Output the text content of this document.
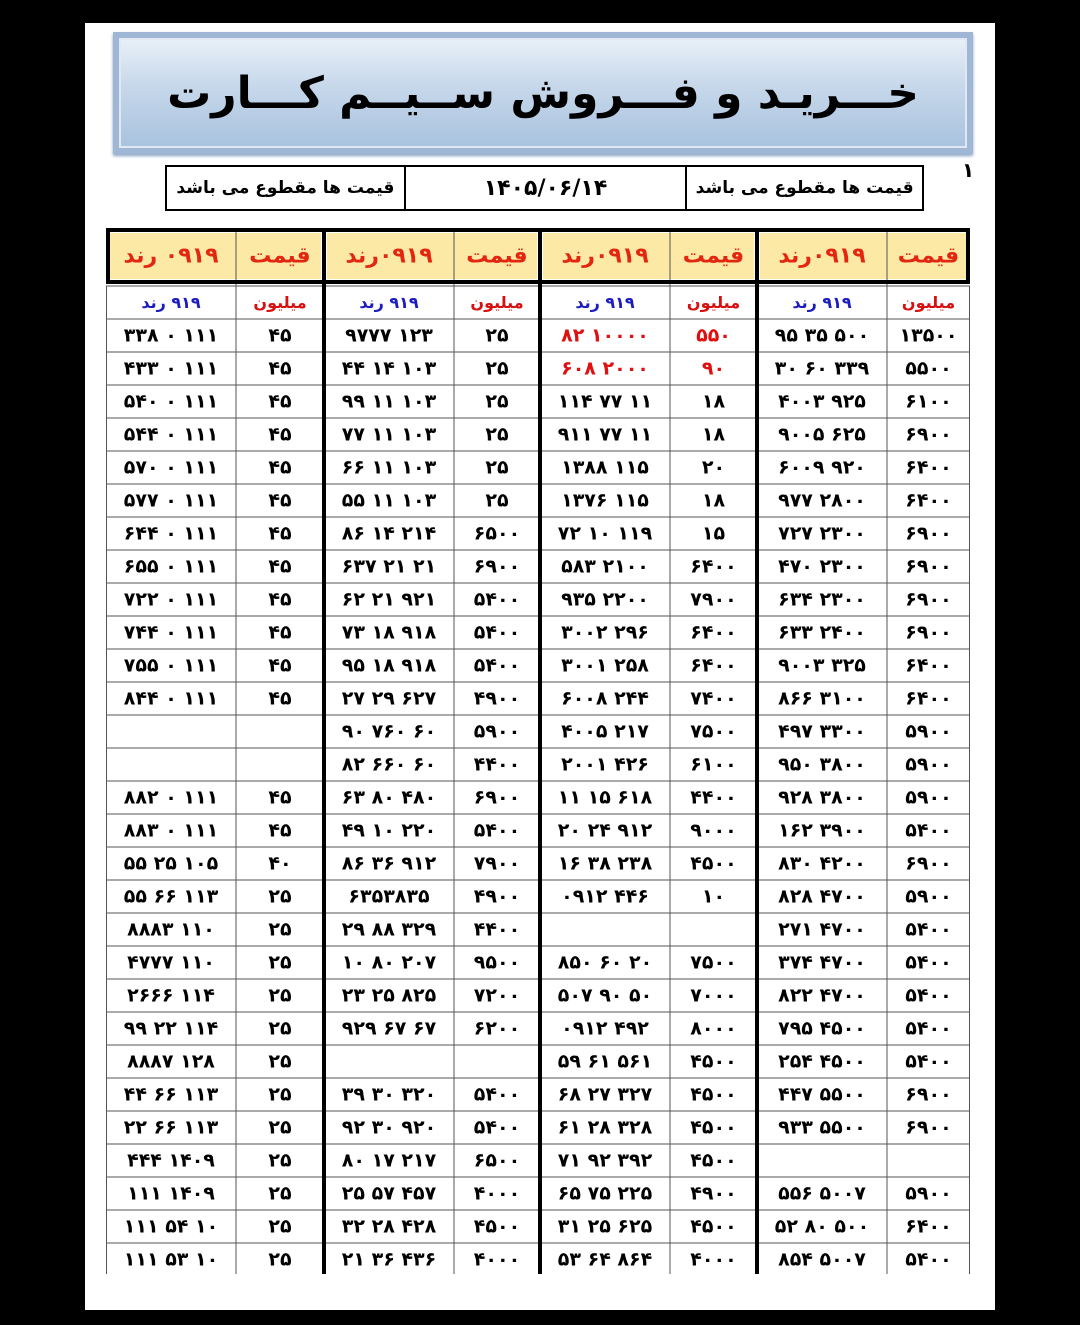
خـــریـد و فـــروش ســیــم کـــارت
۱
قیمت ها مقطوع می باشد
۱۴۰۵/۰۶/۱۴
قیمت ها مقطوع می باشد
قیمت
۰۹۱۹رند
قیمت
۰۹۱۹رند
قیمت
۰۹۱۹رند
قیمت
۰۹۱۹ رند
میلیون
۹۱۹ رند
میلیون
۹۱۹ رند
میلیون
۹۱۹ رند
میلیون
۹۱۹ رند
۱۳۵۰۰
۵۰۰ ۳۵ ۹۵
۵۵۰۰
۳۳۹ ۶۰ ۳۰
۶۱۰۰
۹۲۵ ۴۰۰۳
۶۹۰۰
۶۲۵ ۹۰۰۵
۶۴۰۰
۹۲۰ ۶۰۰۹
۶۴۰۰
۲۸۰۰ ۹۷۷
۶۹۰۰
۲۳۰۰ ۷۲۷
۶۹۰۰
۲۳۰۰ ۴۷۰
۶۹۰۰
۲۳۰۰ ۶۳۴
۶۹۰۰
۲۴۰۰ ۶۳۳
۶۴۰۰
۳۲۵ ۹۰۰۳
۶۴۰۰
۳۱۰۰ ۸۶۶
۵۹۰۰
۳۳۰۰ ۴۹۷
۵۹۰۰
۳۸۰۰ ۹۵۰
۵۹۰۰
۳۸۰۰ ۹۲۸
۵۴۰۰
۳۹۰۰ ۱۶۲
۶۹۰۰
۴۲۰۰ ۸۳۰
۵۹۰۰
۴۷۰۰ ۸۲۸
۵۴۰۰
۴۷۰۰ ۲۷۱
۵۴۰۰
۴۷۰۰ ۳۷۴
۵۴۰۰
۴۷۰۰ ۸۲۲
۵۴۰۰
۴۵۰۰ ۷۹۵
۵۴۰۰
۴۵۰۰ ۲۵۴
۶۹۰۰
۵۵۰۰ ۴۴۷
۶۹۰۰
۵۵۰۰ ۹۳۳
۵۹۰۰
۵۰۰۷ ۵۵۶
۶۴۰۰
۵۰۰ ۸۰ ۵۲
۵۴۰۰
۵۰۰۷ ۸۵۴
۵۵۰
۱۰۰۰۰ ۸۲
۹۰
۲۰۰۰ ۶۰۸
۱۸
۱۱ ۷۷ ۱۱۴
۱۸
۱۱ ۷۷ ۹۱۱
۲۰
۱۱۵ ۱۳۸۸
۱۸
۱۱۵ ۱۳۷۶
۱۵
۱۱۹ ۱۰ ۷۲
۶۴۰۰
۲۱۰۰ ۵۸۳
۷۹۰۰
۲۲۰۰ ۹۳۵
۶۴۰۰
۲۹۶ ۳۰۰۲
۶۴۰۰
۲۵۸ ۳۰۰۱
۷۴۰۰
۲۴۴ ۶۰۰۸
۷۵۰۰
۲۱۷ ۴۰۰۵
۶۱۰۰
۴۲۶ ۲۰۰۱
۴۴۰۰
۶۱۸ ۱۵ ۱۱
۹۰۰۰
۹۱۲ ۲۴ ۲۰
۴۵۰۰
۲۳۸ ۳۸ ۱۶
۱۰
۴۴۶ ۰۹۱۲
۷۵۰۰
۲۰ ۶۰ ۸۵۰
۷۰۰۰
۵۰ ۹۰ ۵۰۷
۸۰۰۰
۴۹۲ ۰۹۱۲
۴۵۰۰
۵۶۱ ۶۱ ۵۹
۴۵۰۰
۳۲۷ ۲۷ ۶۸
۴۵۰۰
۳۲۸ ۲۸ ۶۱
۴۵۰۰
۳۹۲ ۹۲ ۷۱
۴۹۰۰
۲۲۵ ۷۵ ۶۵
۴۵۰۰
۶۲۵ ۲۵ ۳۱
۴۰۰۰
۸۶۴ ۶۴ ۵۳
۲۵
۱۲۳ ۹۷۷۷
۲۵
۱۰۳ ۱۴ ۴۴
۲۵
۱۰۳ ۱۱ ۹۹
۲۵
۱۰۳ ۱۱ ۷۷
۲۵
۱۰۳ ۱۱ ۶۶
۲۵
۱۰۳ ۱۱ ۵۵
۶۵۰۰
۲۱۴ ۱۴ ۸۶
۶۹۰۰
۲۱ ۲۱ ۶۳۷
۵۴۰۰
۹۲۱ ۲۱ ۶۲
۵۴۰۰
۹۱۸ ۱۸ ۷۳
۵۴۰۰
۹۱۸ ۱۸ ۹۵
۴۹۰۰
۶۲۷ ۲۹ ۲۷
۵۹۰۰
۶۰ ۷۶۰ ۹۰
۴۴۰۰
۶۰ ۶۶۰ ۸۲
۶۹۰۰
۴۸۰ ۸۰ ۶۳
۵۴۰۰
۲۲۰ ۱۰ ۴۹
۷۹۰۰
۹۱۲ ۳۶ ۸۶
۴۹۰۰
۶۳۵۳۸۳۵
۴۴۰۰
۳۲۹ ۸۸ ۲۹
۹۵۰۰
۲۰۷ ۸۰ ۱۰
۷۲۰۰
۸۲۵ ۲۵ ۲۳
۶۲۰۰
۶۷ ۶۷ ۹۲۹
۵۴۰۰
۳۲۰ ۳۰ ۳۹
۵۴۰۰
۹۲۰ ۳۰ ۹۲
۶۵۰۰
۲۱۷ ۱۷ ۸۰
۴۰۰۰
۴۵۷ ۵۷ ۲۵
۴۵۰۰
۴۲۸ ۲۸ ۳۲
۴۰۰۰
۴۳۶ ۳۶ ۲۱
۴۵
۱۱۱ ۰ ۳۳۸
۴۵
۱۱۱ ۰ ۴۳۳
۴۵
۱۱۱ ۰ ۵۴۰
۴۵
۱۱۱ ۰ ۵۴۴
۴۵
۱۱۱ ۰ ۵۷۰
۴۵
۱۱۱ ۰ ۵۷۷
۴۵
۱۱۱ ۰ ۶۴۴
۴۵
۱۱۱ ۰ ۶۵۵
۴۵
۱۱۱ ۰ ۷۲۲
۴۵
۱۱۱ ۰ ۷۴۴
۴۵
۱۱۱ ۰ ۷۵۵
۴۵
۱۱۱ ۰ ۸۴۴
۴۵
۱۱۱ ۰ ۸۸۲
۴۵
۱۱۱ ۰ ۸۸۳
۴۰
۱۰۵ ۲۵ ۵۵
۲۵
۱۱۳ ۶۶ ۵۵
۲۵
۱۱۰ ۸۸۸۳
۲۵
۱۱۰ ۴۷۷۷
۲۵
۱۱۴ ۲۶۶۶
۲۵
۱۱۴ ۲۲ ۹۹
۲۵
۱۲۸ ۸۸۸۷
۲۵
۱۱۳ ۶۶ ۴۴
۲۵
۱۱۳ ۶۶ ۲۲
۲۵
۱۴۰۹ ۴۴۴
۲۵
۱۴۰۹ ۱۱۱
۲۵
۱۰ ۵۴ ۱۱۱
۲۵
۱۰ ۵۳ ۱۱۱
